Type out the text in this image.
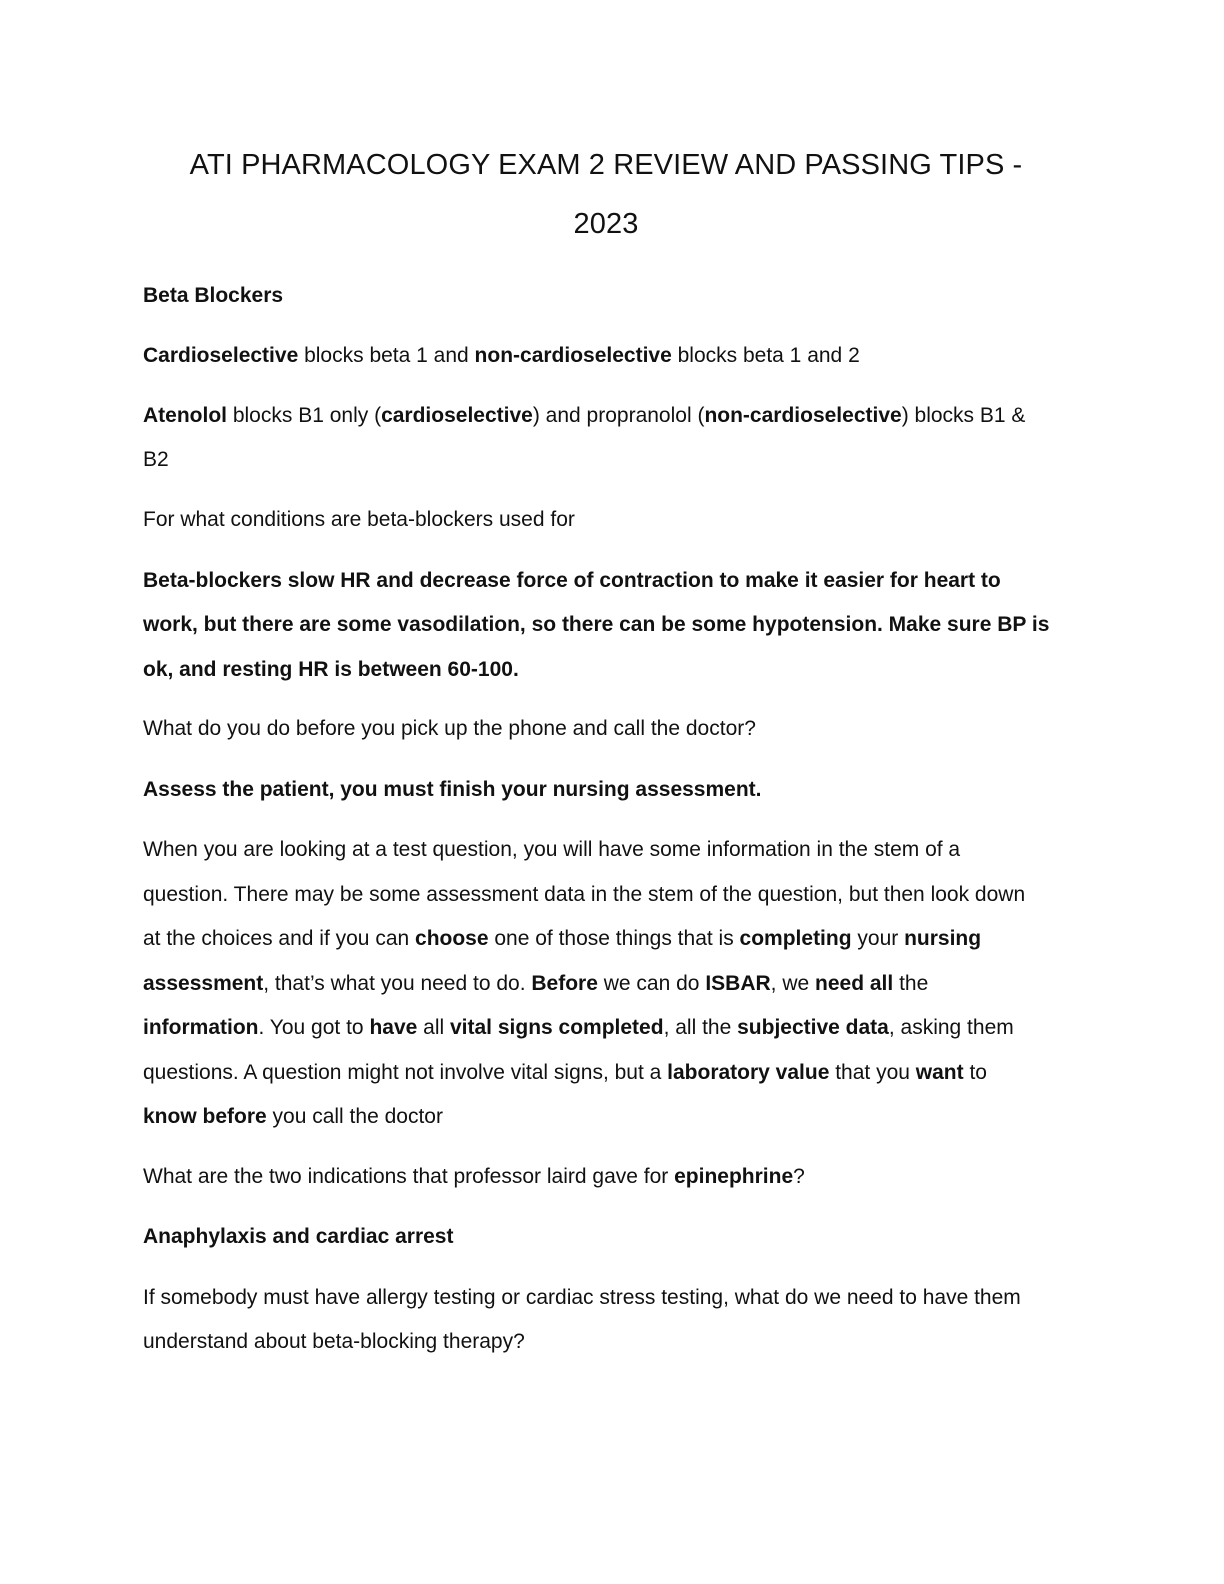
ATI PHARMACOLOGY EXAM 2 REVIEW AND PASSING TIPS -
2023

Beta Blockers

Cardioselective blocks beta 1 and non-cardioselective blocks beta 1 and 2

Atenolol blocks B1 only (cardioselective) and propranolol (non-cardioselective) blocks B1 &

B2

For what conditions are beta-blockers used for

Beta-blockers slow HR and decrease force of contraction to make it easier for heart to

work, but there are some vasodilation, so there can be some hypotension. Make sure BP is

ok, and resting HR is between 60-100.

What do you do before you pick up the phone and call the doctor?

Assess the patient, you must finish your nursing assessment.

When you are looking at a test question, you will have some information in the stem of a

question. There may be some assessment data in the stem of the question, but then look down

at the choices and if you can choose one of those things that is completing your nursing

assessment, that’s what you need to do. Before we can do ISBAR, we need all the

information. You got to have all vital signs completed, all the subjective data, asking them

questions. A question might not involve vital signs, but a laboratory value that you want to

know before you call the doctor

What are the two indications that professor laird gave for epinephrine?

Anaphylaxis and cardiac arrest

If somebody must have allergy testing or cardiac stress testing, what do we need to have them

understand about beta-blocking therapy?
